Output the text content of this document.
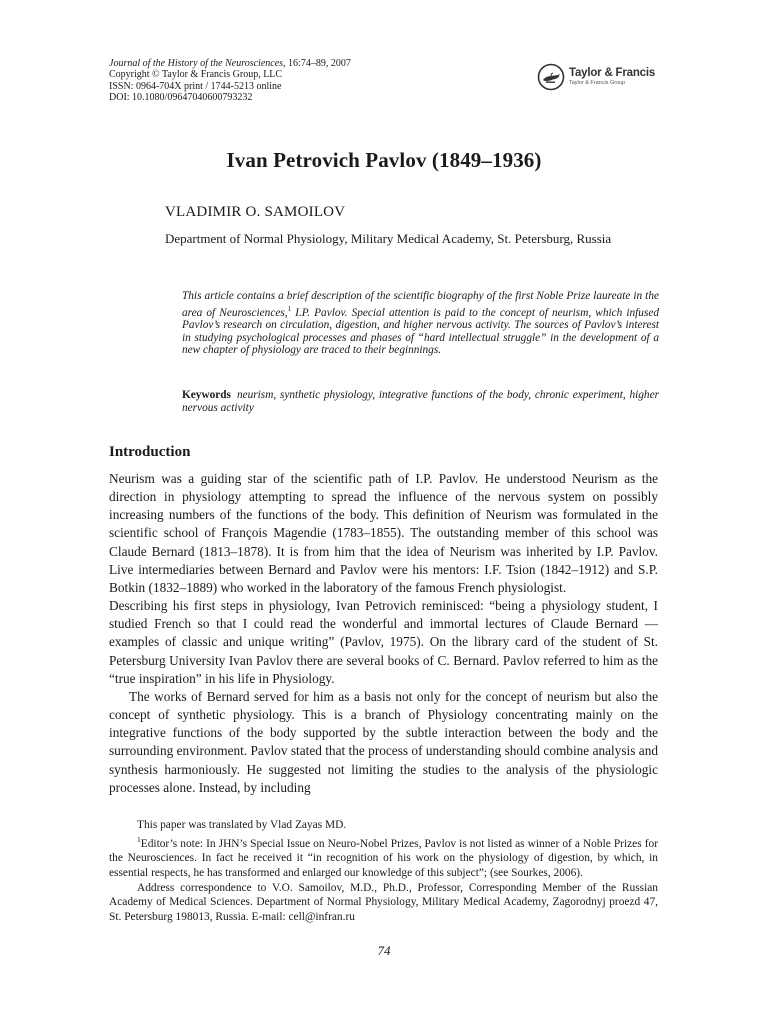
Journal of the History of the Neurosciences, 16:74–89, 2007
Copyright © Taylor & Francis Group, LLC
ISSN: 0964-704X print / 1744-5213 online
DOI: 10.1080/09647040600793232
Taylor & Francis
Taylor & Francis Group
Ivan Petrovich Pavlov (1849–1936)
VLADIMIR O. SAMOILOV
Department of Normal Physiology, Military Medical Academy, St. Petersburg, Russia
This article contains a brief description of the scientific biography of the first Noble Prize laureate in the area of Neurosciences,$^1$ I.P. Pavlov. Special attention is paid to the concept of neurism, which infused Pavlov’s research on circulation, digestion, and higher nervous activity. The sources of Pavlov’s interest in studying psychological processes and phases of “hard intellectual struggle” in the development of a new chapter of physiology are traced to their beginnings.
Keywords neurism, synthetic physiology, integrative functions of the body, chronic experiment, higher nervous activity
Introduction

Neurism was a guiding star of the scientific path of I.P. Pavlov. He understood Neurism as the direction in physiology attempting to spread the influence of the nervous system on possibly increasing numbers of the functions of the body. This definition of Neurism was formulated in the scientific school of François Magendie (1783–1855). The outstanding member of this school was Claude Bernard (1813–1878). It is from him that the idea of Neurism was inherited by I.P. Pavlov. Live intermediaries between Bernard and Pavlov were his mentors: I.F. Tsion (1842–1912) and S.P. Botkin (1832–1889) who worked in the laboratory of the famous French physiologist.

Describing his first steps in physiology, Ivan Petrovich reminisced: “being a physiology student, I studied French so that I could read the wonderful and immortal lectures of Claude Bernard — examples of classic and unique writing” (Pavlov, 1975). On the library card of the student of St. Petersburg University Ivan Pavlov there are several books of C. Bernard. Pavlov referred to him as the “true inspiration” in his life in Physiology.

The works of Bernard served for him as a basis not only for the concept of neurism but also the concept of synthetic physiology. This is a branch of Physiology concentrating mainly on the integrative functions of the body supported by the subtle interaction between the body and the surrounding environment. Pavlov stated that the process of understanding should combine analysis and synthesis harmoniously. He suggested not limiting the studies to the analysis of the physiologic processes alone. Instead, by including

This paper was translated by Vlad Zayas MD.

$^1$Editor’s note: In JHN’s Special Issue on Neuro-Nobel Prizes, Pavlov is not listed as winner of a Noble Prizes for the Neurosciences. In fact he received it “in recognition of his work on the physiology of digestion, by which, in essential respects, he has transformed and enlarged our knowledge of this subject”; (see Sourkes, 2006).

Address correspondence to V.O. Samoilov, M.D., Ph.D., Professor, Corresponding Member of the Russian Academy of Medical Sciences. Department of Normal Physiology, Military Medical Academy, Zagorodnyj proezd 47, St. Petersburg 198013, Russia. E-mail: cell@infran.ru

74
